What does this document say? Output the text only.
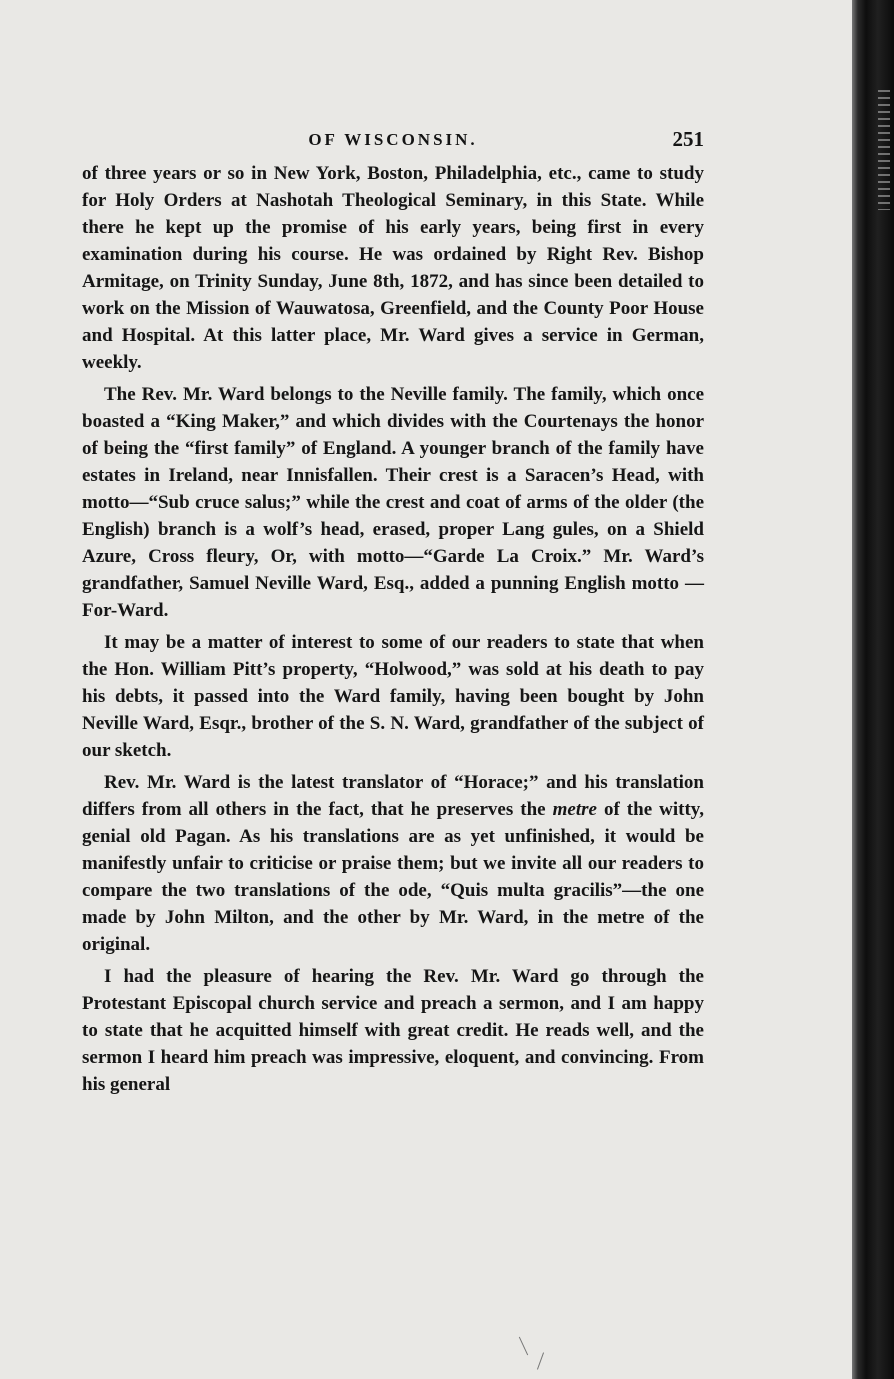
OF WISCONSIN.	251

of three years or so in New York, Boston, Philadelphia, etc., came to study for Holy Orders at Nashotah Theological Seminary, in this State. While there he kept up the promise of his early years, being first in every examination during his course. He was ordained by Right Rev. Bishop Armitage, on Trinity Sunday, June 8th, 1872, and has since been detailed to work on the Mission of Wauwatosa, Greenfield, and the County Poor House and Hospital. At this latter place, Mr. Ward gives a service in German, weekly.

The Rev. Mr. Ward belongs to the Neville family. The family, which once boasted a “King Maker,” and which divides with the Courtenays the honor of being the “first family” of England. A younger branch of the family have estates in Ireland, near Innisfallen. Their crest is a Saracen’s Head, with motto—“Sub cruce salus;” while the crest and coat of arms of the older (the English) branch is a wolf’s head, erased, proper Lang gules, on a Shield Azure, Cross fleury, Or, with motto—“Garde La Croix.” Mr. Ward’s grandfather, Samuel Neville Ward, Esq., added a punning English motto —For-Ward.

It may be a matter of interest to some of our readers to state that when the Hon. William Pitt’s property, “Holwood,” was sold at his death to pay his debts, it passed into the Ward family, having been bought by John Neville Ward, Esqr., brother of the S. N. Ward, grandfather of the subject of our sketch.

Rev. Mr. Ward is the latest translator of “Horace;” and his translation differs from all others in the fact, that he preserves the metre of the witty, genial old Pagan. As his translations are as yet unfinished, it would be manifestly unfair to criticise or praise them; but we invite all our readers to compare the two translations of the ode, “Quis multa gracilis”—the one made by John Milton, and the other by Mr. Ward, in the metre of the original.

I had the pleasure of hearing the Rev. Mr. Ward go through the Protestant Episcopal church service and preach a sermon, and I am happy to state that he acquitted himself with great credit. He reads well, and the sermon I heard him preach was impressive, eloquent, and convincing. From his general
